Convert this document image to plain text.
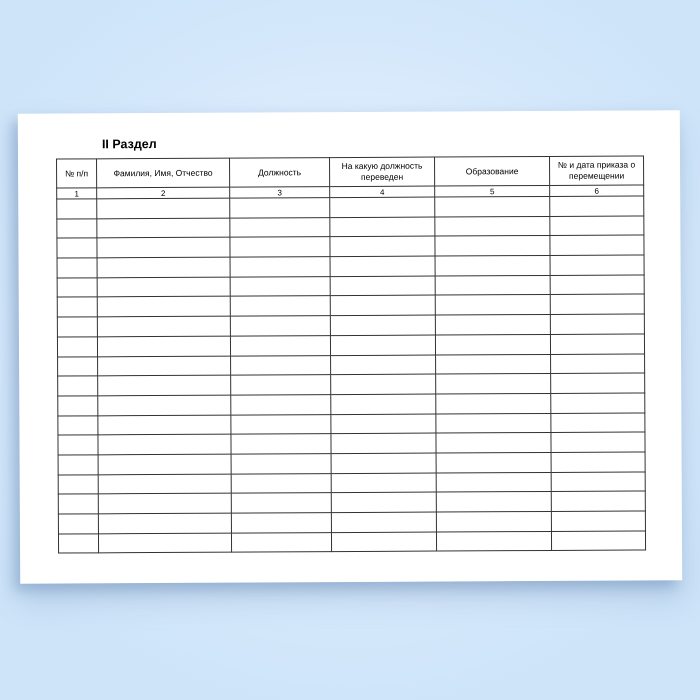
II Раздел
№ п/п	Фамилия, Имя, Отчество	Должность	На какую должность переведен	Образование	№ и дата приказа о перемещении
1	2	3	4	5	6
